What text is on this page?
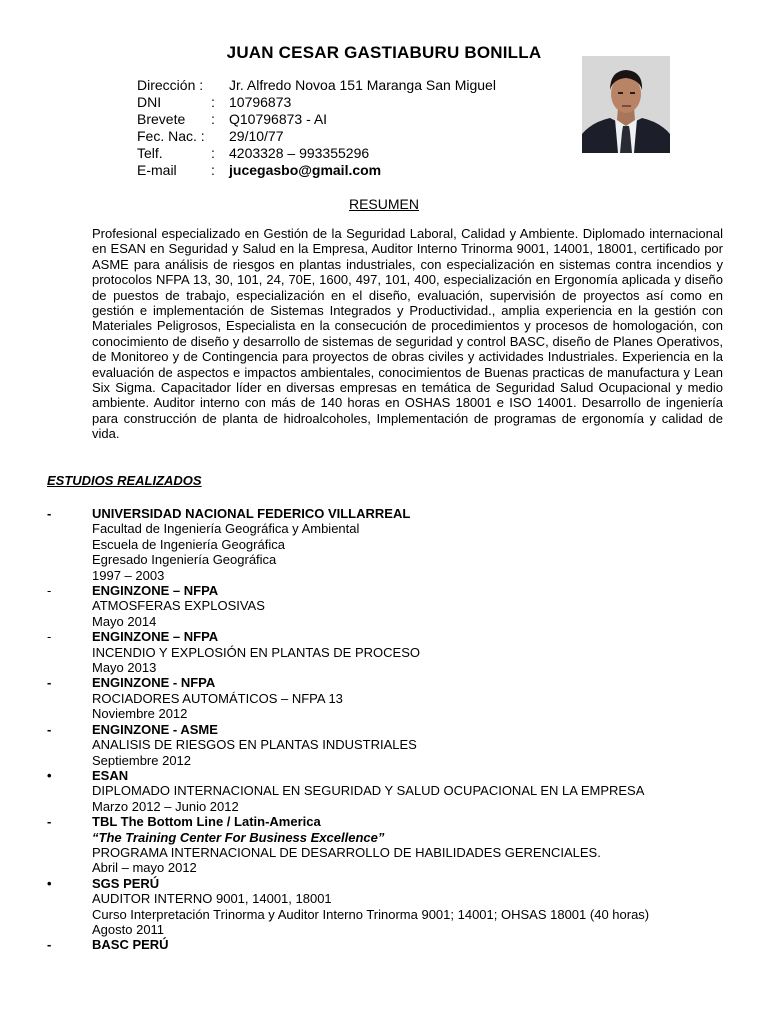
JUAN CESAR GASTIABURU BONILLA
Dirección :	Jr. Alfredo Novoa 151 Maranga San Miguel
DNI	:	10796873
Brevete	:	Q10796873 - AI
Fec. Nac. :	29/10/77
Telf.	:	4203328 – 993355296
E-mail	:	jucegasbo@gmail.com
RESUMEN
Profesional especializado en Gestión de la Seguridad Laboral, Calidad y Ambiente. Diplomado internacional en ESAN en Seguridad y Salud en la Empresa, Auditor Interno Trinorma 9001, 14001, 18001, certificado por ASME para análisis de riesgos en plantas industriales, con especialización en sistemas contra incendios y protocolos NFPA 13, 30, 101, 24, 70E, 1600, 497, 101, 400, especialización en Ergonomía aplicada y diseño de puestos de trabajo, especialización en el diseño, evaluación, supervisión de proyectos así como en gestión e implementación de Sistemas Integrados y Productividad., amplia experiencia en la gestión con Materiales Peligrosos, Especialista en la consecución de procedimientos y procesos de homologación, con conocimiento de diseño y desarrollo de sistemas de seguridad y control BASC, diseño de Planes Operativos, de Monitoreo y de Contingencia para proyectos de obras civiles y actividades Industriales. Experiencia en la evaluación de aspectos e impactos ambientales, conocimientos de Buenas practicas de manufactura y Lean Six Sigma. Capacitador líder en diversas empresas en temática de Seguridad Salud Ocupacional y medio ambiente. Auditor interno con más de 140 horas en OSHAS 18001 e ISO 14001. Desarrollo de ingeniería para construcción de planta de hidroalcoholes, Implementación de programas de ergonomía y calidad de vida.
ESTUDIOS REALIZADOS
-	UNIVERSIDAD NACIONAL FEDERICO VILLARREAL
Facultad de Ingeniería Geográfica y Ambiental
Escuela de Ingeniería Geográfica
Egresado Ingeniería Geográfica
1997 – 2003
-	ENGINZONE – NFPA
ATMOSFERAS EXPLOSIVAS
Mayo 2014
-	ENGINZONE – NFPA
INCENDIO Y EXPLOSIÓN EN PLANTAS DE PROCESO
Mayo 2013
-	ENGINZONE - NFPA
ROCIADORES AUTOMÁTICOS – NFPA 13
Noviembre 2012
-	ENGINZONE - ASME
ANALISIS DE RIESGOS EN PLANTAS INDUSTRIALES
Septiembre 2012
•	ESAN
DIPLOMADO INTERNACIONAL EN SEGURIDAD Y SALUD OCUPACIONAL EN LA EMPRESA
Marzo 2012 – Junio 2012
-	TBL The Bottom Line / Latin-America
“The Training Center For Business Excellence”
PROGRAMA INTERNACIONAL DE DESARROLLO DE HABILIDADES GERENCIALES.
Abril – mayo 2012
•	SGS PERÚ
AUDITOR INTERNO 9001, 14001, 18001
Curso Interpretación Trinorma y Auditor Interno Trinorma 9001; 14001; OHSAS 18001 (40 horas)
Agosto 2011
-	BASC PERÚ
